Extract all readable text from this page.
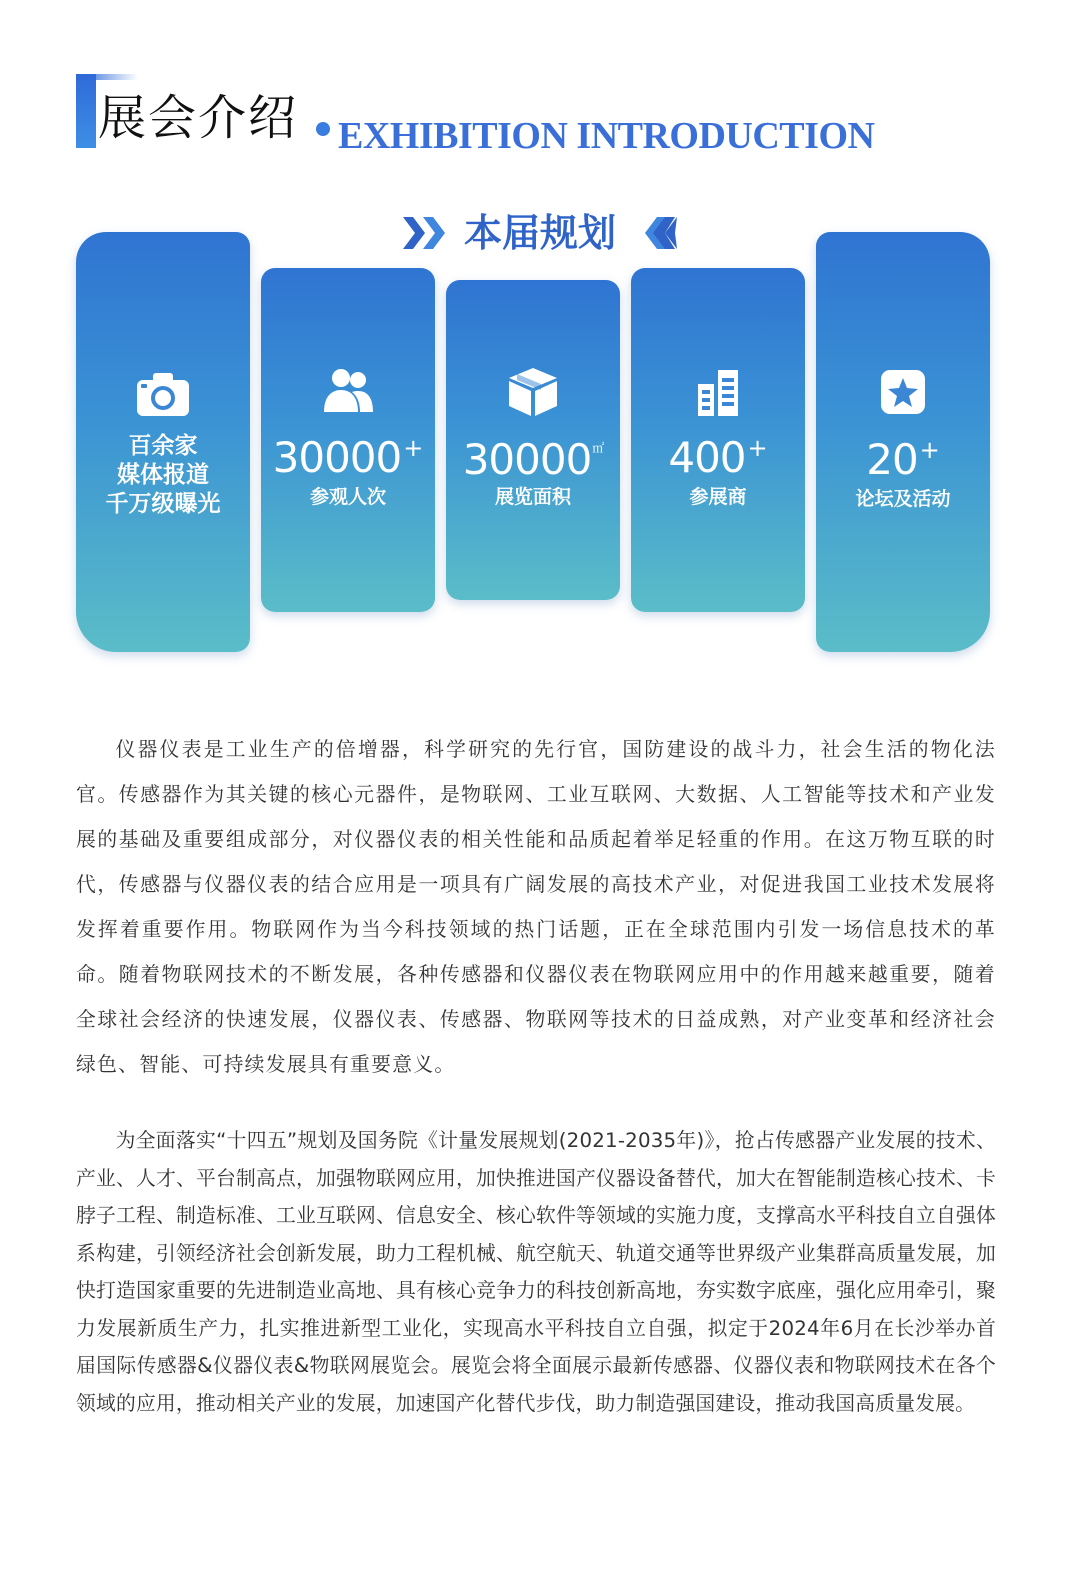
展会介绍 EXHIBITION INTRODUCTION
本届规划
百余家
媒体报道
千万级曝光
30000+
参观人次
30000㎡
展览面积
400+
参展商
20+
论坛及活动

仪器仪表是工业生产的倍增器，科学研究的先行官，国防建设的战斗力，社会生活的物化法官。传感器作为其关键的核心元器件，是物联网、工业互联网、大数据、人工智能等技术和产业发展的基础及重要组成部分，对仪器仪表的相关性能和品质起着举足轻重的作用。在这万物互联的时代，传感器与仪器仪表的结合应用是一项具有广阔发展的高技术产业，对促进我国工业技术发展将发挥着重要作用。物联网作为当今科技领域的热门话题，正在全球范围内引发一场信息技术的革命。随着物联网技术的不断发展，各种传感器和仪器仪表在物联网应用中的作用越来越重要，随着全球社会经济的快速发展，仪器仪表、传感器、物联网等技术的日益成熟，对产业变革和经济社会绿色、智能、可持续发展具有重要意义。

为全面落实“十四五”规划及国务院《计量发展规划(2021-2035年)》，抢占传感器产业发展的技术、产业、人才、平台制高点，加强物联网应用，加快推进国产仪器设备替代，加大在智能制造核心技术、卡脖子工程、制造标准、工业互联网、信息安全、核心软件等领域的实施力度，支撑高水平科技自立自强体系构建，引领经济社会创新发展，助力工程机械、航空航天、轨道交通等世界级产业集群高质量发展，加快打造国家重要的先进制造业高地、具有核心竞争力的科技创新高地，夯实数字底座，强化应用牵引，聚力发展新质生产力，扎实推进新型工业化，实现高水平科技自立自强，拟定于2024年6月在长沙举办首届国际传感器&仪器仪表&物联网展览会。展览会将全面展示最新传感器、仪器仪表和物联网技术在各个领域的应用，推动相关产业的发展，加速国产化替代步伐，助力制造强国建设，推动我国高质量发展。
